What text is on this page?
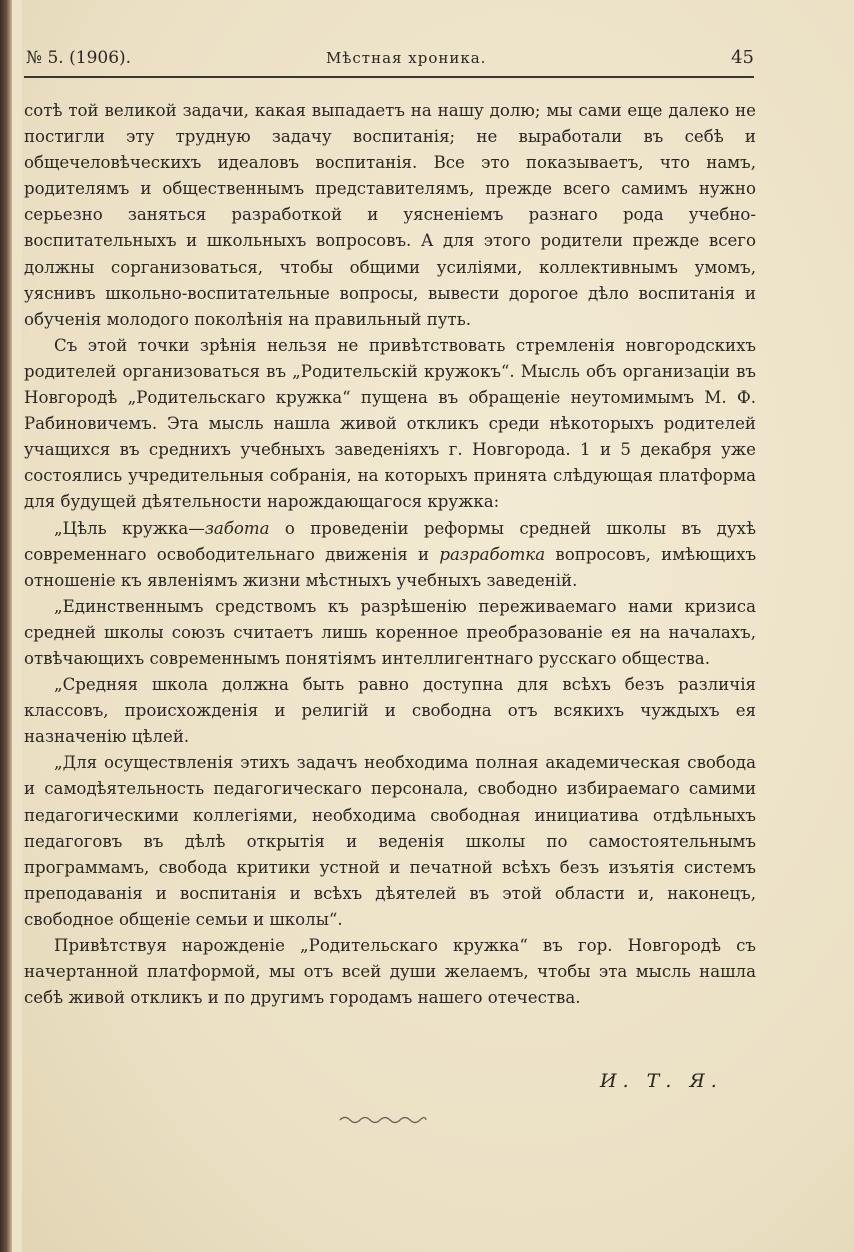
№ 5. (1906).	Мѣстная хроника.	45

сотѣ той великой задачи, какая выпадаетъ на нашу долю; мы сами еще далеко не постигли эту трудную задачу воспитанія; не выработали въ себѣ и общечеловѣческихъ идеаловъ воспитанія. Все это показываетъ, что намъ, родителямъ и общественнымъ представителямъ, прежде всего самимъ нужно серьезно заняться разработкой и уясненіемъ разнаго рода учебно-воспитательныхъ и школьныхъ вопросовъ. А для этого родители прежде всего должны сорганизоваться, чтобы общими усиліями, коллективнымъ умомъ, уяснивъ школьно-воспитательные вопросы, вывести дорогое дѣло воспитанія и обученія молодого поколѣнія на правильный путь.

Съ этой точки зрѣнія нельзя не привѣтствовать стремленія новгородскихъ родителей организоваться въ „Родительскій кружокъ“. Мысль объ организаціи въ Новгородѣ „Родительскаго кружка“ пущена въ обращеніе неутомимымъ М. Ф. Рабиновичемъ. Эта мысль нашла живой откликъ среди нѣкоторыхъ родителей учащихся въ среднихъ учебныхъ заведеніяхъ г. Новгорода. 1 и 5 декабря уже состоялись учредительныя собранія, на которыхъ принята слѣдующая платформа для будущей дѣятельности нарождающагося кружка:

„Цѣль кружка—забота о проведеніи реформы средней школы въ духѣ современнаго освободительнаго движенія и разработка вопросовъ, имѣющихъ отношеніе къ явленіямъ жизни мѣстныхъ учебныхъ заведеній.

„Единственнымъ средствомъ къ разрѣшенію переживаемаго нами кризиса средней школы союзъ считаетъ лишь коренное преобразованіе ея на началахъ, отвѣчающихъ современнымъ понятіямъ интеллигентнаго русскаго общества.

„Средняя школа должна быть равно доступна для всѣхъ безъ различія классовъ, происхожденія и религій и свободна отъ всякихъ чуждыхъ ея назначенію цѣлей.

„Для осуществленія этихъ задачъ необходима полная академическая свобода и самодѣятельность педагогическаго персонала, свободно избираемаго самими педагогическими коллегіями, необходима свободная инициатива отдѣльныхъ педагоговъ въ дѣлѣ открытія и веденія школы по самостоятельнымъ программамъ, свобода критики устной и печатной всѣхъ безъ изъятія системъ преподаванія и воспитанія и всѣхъ дѣятелей въ этой области и, наконецъ, свободное общеніе семьи и школы“.

Привѣтствуя нарожденіе „Родительскаго кружка“ въ гор. Новгородѣ съ начертанной платформой, мы отъ всей души желаемъ, чтобы эта мысль нашла себѣ живой откликъ и по другимъ городамъ нашего отечества.

И. Т. Я.
